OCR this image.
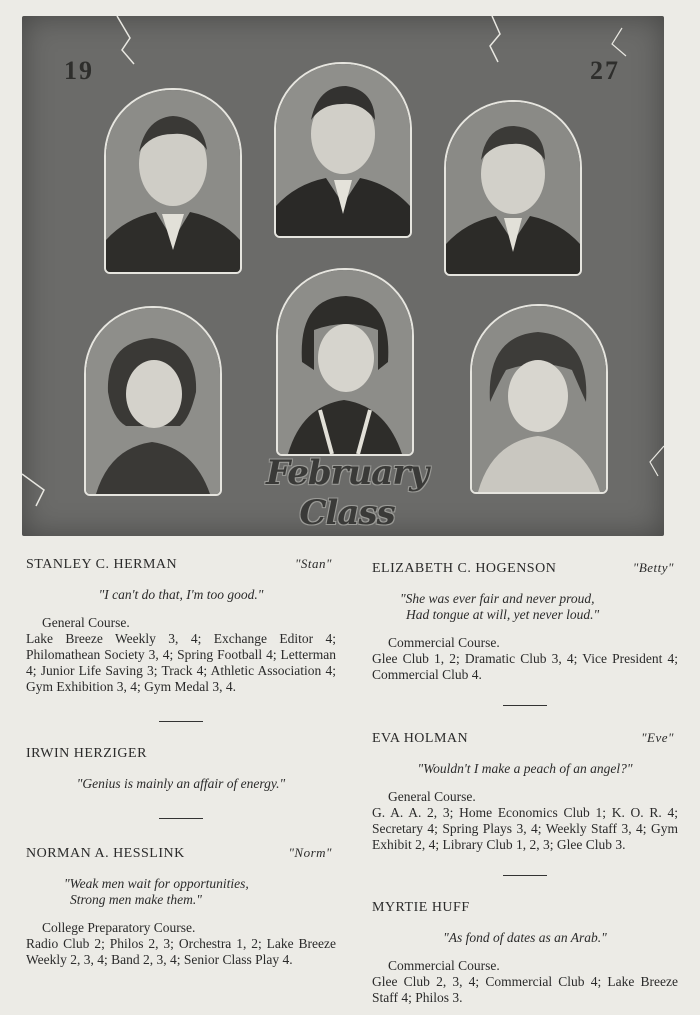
19	27
February Class
STANLEY C. HERMAN	"Stan"
"I can't do that, I'm too good."
General Course.
Lake Breeze Weekly 3, 4; Exchange Editor 4; Philomathean Society 3, 4; Spring Football 4; Letterman 4; Junior Life Saving 3; Track 4; Athletic Association 4; Gym Exhibition 3, 4; Gym Medal 3, 4.
IRWIN HERZIGER
"Genius is mainly an affair of energy."
NORMAN A. HESSLINK	"Norm"
"Weak men wait for opportunities,
Strong men make them."
College Preparatory Course.
Radio Club 2; Philos 2, 3; Orchestra 1, 2; Lake Breeze Weekly 2, 3, 4; Band 2, 3, 4; Senior Class Play 4.
ELIZABETH C. HOGENSON	"Betty"
"She was ever fair and never proud,
Had tongue at will, yet never loud."
Commercial Course.
Glee Club 1, 2; Dramatic Club 3, 4; Vice President 4; Commercial Club 4.
EVA HOLMAN	"Eve"
"Wouldn't I make a peach of an angel?"
General Course.
G. A. A. 2, 3; Home Economics Club 1; K. O. R. 4; Secretary 4; Spring Plays 3, 4; Weekly Staff 3, 4; Gym Exhibit 2, 4; Library Club 1, 2, 3; Glee Club 3.
MYRTIE HUFF
"As fond of dates as an Arab."
Commercial Course.
Glee Club 2, 3, 4; Commercial Club 4; Lake Breeze Staff 4; Philos 3.
